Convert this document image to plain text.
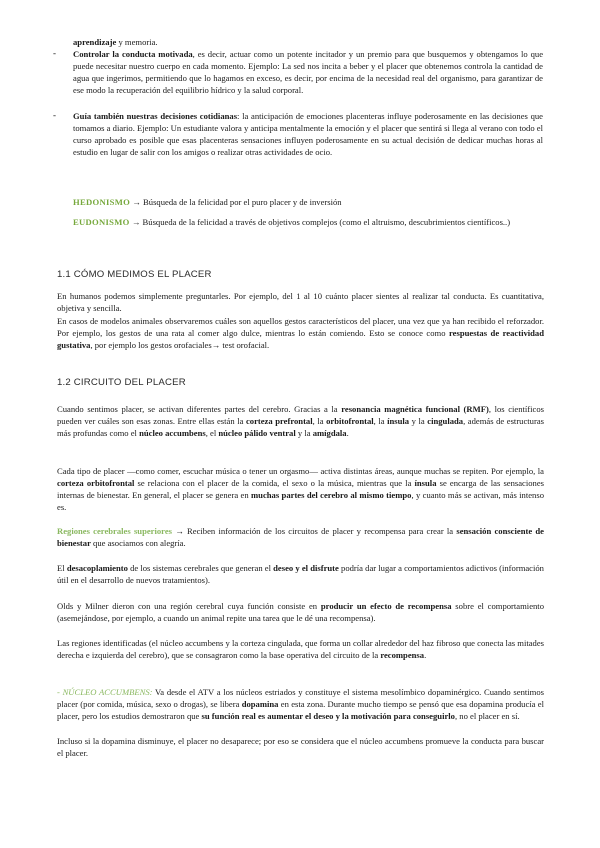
aprendizaje y memoria.

- Controlar la conducta motivada, es decir, actuar como un potente incitador y un premio para que busquemos y obtengamos lo que puede necesitar nuestro cuerpo en cada momento. Ejemplo: La sed nos incita a beber y el placer que obtenemos controla la cantidad de agua que ingerimos, permitiendo que lo hagamos en exceso, es decir, por encima de la necesidad real del organismo, para garantizar de ese modo la recuperación del equilibrio hídrico y la salud corporal.

- Guía también nuestras decisiones cotidianas: la anticipación de emociones placenteras influye poderosamente en las decisiones que tomamos a diario. Ejemplo: Un estudiante valora y anticipa mentalmente la emoción y el placer que sentirá si llega al verano con todo el curso aprobado es posible que esas placenteras sensaciones influyen poderosamente en su actual decisión de dedicar muchas horas al estudio en lugar de salir con los amigos o realizar otras actividades de ocio.

HEDONISMO → Búsqueda de la felicidad por el puro placer y de inversión

EUDONISMO → Búsqueda de la felicidad a través de objetivos complejos (como el altruismo, descubrimientos científicos..)

1.1 CÓMO MEDIMOS EL PLACER

En humanos podemos simplemente preguntarles. Por ejemplo, del 1 al 10 cuánto placer sientes al realizar tal conducta. Es cuantitativa, objetiva y sencilla.

En casos de modelos animales observaremos cuáles son aquellos gestos característicos del placer, una vez que ya han recibido el reforzador. Por ejemplo, los gestos de una rata al comer algo dulce, mientras lo están comiendo. Esto se conoce como respuestas de reactividad gustativa, por ejemplo los gestos orofaciales→ test orofacial.

1.2 CIRCUITO DEL PLACER

Cuando sentimos placer, se activan diferentes partes del cerebro. Gracias a la resonancia magnética funcional (RMF), los científicos pueden ver cuáles son esas zonas. Entre ellas están la corteza prefrontal, la orbitofrontal, la ínsula y la cingulada, además de estructuras más profundas como el núcleo accumbens, el núcleo pálido ventral y la amígdala.

Cada tipo de placer —como comer, escuchar música o tener un orgasmo— activa distintas áreas, aunque muchas se repiten. Por ejemplo, la corteza orbitofrontal se relaciona con el placer de la comida, el sexo o la música, mientras que la ínsula se encarga de las sensaciones internas de bienestar. En general, el placer se genera en muchas partes del cerebro al mismo tiempo, y cuanto más se activan, más intenso es.

Regiones cerebrales superiores → Reciben información de los circuitos de placer y recompensa para crear la sensación consciente de bienestar que asociamos con alegría.

El desacoplamiento de los sistemas cerebrales que generan el deseo y el disfrute podría dar lugar a comportamientos adictivos (información útil en el desarrollo de nuevos tratamientos).

Olds y Milner dieron con una región cerebral cuya función consiste en producir un efecto de recompensa sobre el comportamiento (asemejándose, por ejemplo, a cuando un animal repite una tarea que le dé una recompensa).

Las regiones identificadas (el núcleo accumbens y la corteza cingulada, que forma un collar alrededor del haz fibroso que conecta las mitades derecha e izquierda del cerebro), que se consagraron como la base operativa del circuito de la recompensa.

- NÚCLEO ACCUMBENS: Va desde el ATV a los núcleos estriados y constituye el sistema mesolímbico dopaminérgico. Cuando sentimos placer (por comida, música, sexo o drogas), se libera dopamina en esta zona. Durante mucho tiempo se pensó que esa dopamina producía el placer, pero los estudios demostraron que su función real es aumentar el deseo y la motivación para conseguirlo, no el placer en sí.

Incluso si la dopamina disminuye, el placer no desaparece; por eso se considera que el núcleo accumbens promueve la conducta para buscar el placer.
